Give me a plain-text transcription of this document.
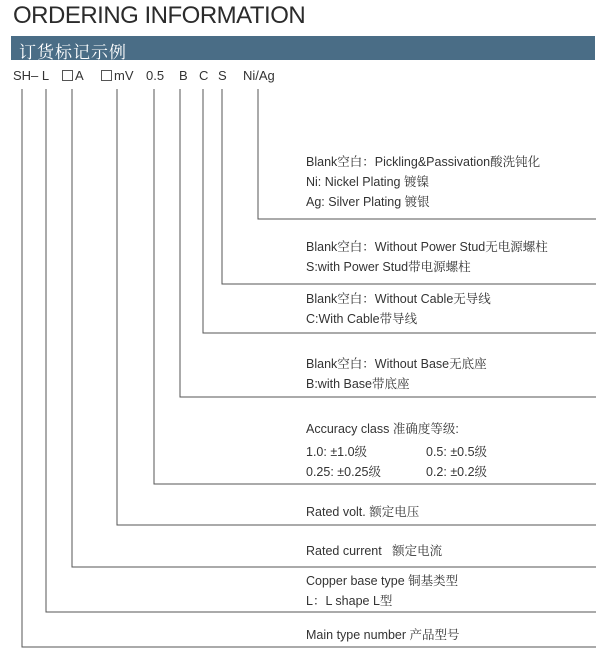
ORDERING INFORMATION
订货标记示例
SH– L	A	mV 0.5 B C S Ni/Ag
Blank空白：Pickling&Passivation酸洗钝化
Ni: Nickel Plating 镀镍
Ag: Silver Plating 镀银
Blank空白：Without Power Stud无电源螺柱
S:with Power Stud带电源螺柱
Blank空白：Without Cable无导线
C:With Cable带导线
Blank空白：Without Base无底座
B:with Base带底座
Accuracy class 准确度等级:
1.0: ±1.0级	0.5: ±0.5级
0.25: ±0.25级	0.2: ±0.2级
Rated volt. 额定电压
Rated current   额定电流
Copper base type 铜基类型
L：L shape L型
Main type number 产品型号
